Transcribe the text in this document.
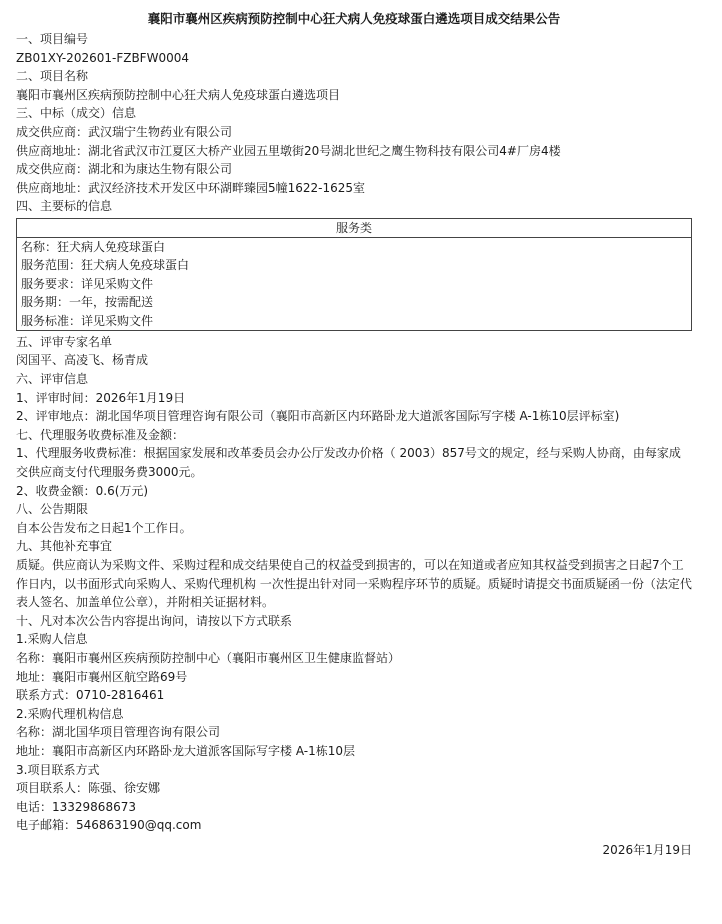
襄阳市襄州区疾病预防控制中心狂犬病人免疫球蛋白遴选项目成交结果公告
一、项目编号
ZB01XY-202601-FZBFW0004
二、项目名称
襄阳市襄州区疾病预防控制中心狂犬病人免疫球蛋白遴选项目
三、中标（成交）信息
成交供应商：武汉瑞宁生物药业有限公司
供应商地址：湖北省武汉市江夏区大桥产业园五里墩街20号湖北世纪之鹰生物科技有限公司4#厂房4楼
成交供应商：湖北和为康达生物有限公司
供应商地址：武汉经济技术开发区中环湖畔臻园5幢1622-1625室
四、主要标的信息
服务类
名称：狂犬病人免疫球蛋白
服务范围：狂犬病人免疫球蛋白
服务要求：详见采购文件
服务期：一年，按需配送
服务标准：详见采购文件
五、评审专家名单
闵国平、高凌飞、杨青成
六、评审信息
1、评审时间：2026年1月19日
2、评审地点：湖北国华项目管理咨询有限公司（襄阳市高新区内环路卧龙大道派客国际写字楼 A-1栋10层评标室)
七、代理服务收费标准及金额：
1、代理服务收费标准：根据国家发展和改革委员会办公厅发改办价格（ 2003）857号文的规定，经与采购人协商，由每家成交供应商支付代理服务费3000元。
2、收费金额：0.6(万元)
八、公告期限
自本公告发布之日起1个工作日。
九、其他补充事宜
质疑。供应商认为采购文件、采购过程和成交结果使自己的权益受到损害的，可以在知道或者应知其权益受到损害之日起7个工作日内，以书面形式向采购人、采购代理机构 一次性提出针对同一采购程序环节的质疑。质疑时请提交书面质疑函一份（法定代表人签名、加盖单位公章），并附相关证据材料。
十、凡对本次公告内容提出询问，请按以下方式联系
1.采购人信息
名称：襄阳市襄州区疾病预防控制中心（襄阳市襄州区卫生健康监督站）
地址：襄阳市襄州区航空路69号
联系方式：0710-2816461
2.采购代理机构信息
名称：湖北国华项目管理咨询有限公司
地址：襄阳市高新区内环路卧龙大道派客国际写字楼 A-1栋10层
3.项目联系方式
项目联系人：陈强、徐安娜
电话：13329868673
电子邮箱：546863190@qq.com
2026年1月19日
